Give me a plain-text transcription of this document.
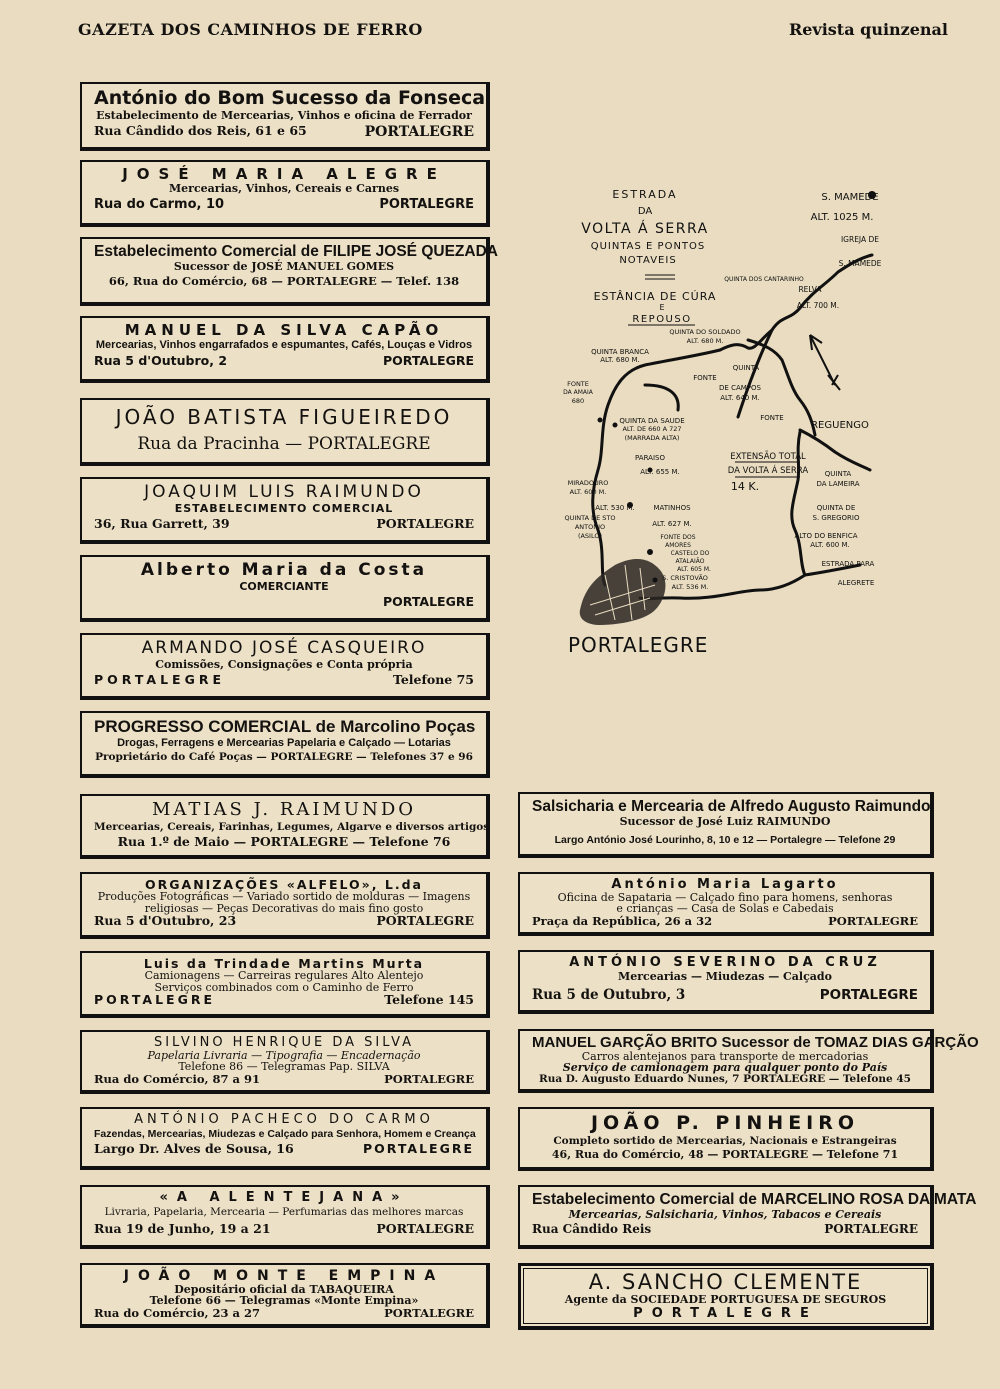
GAZETA DOS CAMINHOS DE FERRO	Revista quinzenal
António do Bom Sucesso da Fonseca
Estabelecimento de Mercearias, Vinhos e oficina de Ferrador
Rua Cândido dos Reis, 61 e 65	PORTALEGRE
JOSÉ MARIA ALEGRE
Mercearias, Vinhos, Cereais e Carnes
Rua do Carmo, 10	PORTALEGRE
Estabelecimento Comercial de FILIPE JOSÉ QUEZADA
Sucessor de JOSÉ MANUEL GOMES
66, Rua do Comércio, 68 — PORTALEGRE — Telef. 138
MANUEL DA SILVA CAPÃO
Mercearias, Vinhos engarrafados e espumantes, Cafés, Louças e Vidros
Rua 5 d'Outubro, 2	PORTALEGRE
JOÃO BATISTA FIGUEIREDO
Rua da Pracinha — PORTALEGRE
JOAQUIM LUIS RAIMUNDO
ESTABELECIMENTO COMERCIAL
36, Rua Garrett, 39	PORTALEGRE
Alberto Maria da Costa
COMERCIANTE
PORTALEGRE
ARMANDO JOSÉ CASQUEIRO
Comissões, Consignações e Conta própria
PORTALEGRE	Telefone 75
PROGRESSO COMERCIAL de Marcolino Poças
Drogas, Ferragens e Mercearias Papelaria e Calçado — Lotarias
Proprietário do Café Poças — PORTALEGRE — Telefones 37 e 96
MATIAS J. RAIMUNDO
Mercearias, Cereais, Farinhas, Legumes, Algarve e diversos artigos
Rua 1.º de Maio — PORTALEGRE — Telefone 76
ORGANIZAÇÕES «ALFELO», L.da
Produções Fotográficas — Variado sortido de molduras — Imagens
religiosas — Peças Decorativas do mais fino gosto
Rua 5 d'Outubro, 23	PORTALEGRE
Luis da Trindade Martins Murta
Camionagens — Carreiras regulares Alto Alentejo
Serviços combinados com o Caminho de Ferro
PORTALEGRE	Telefone 145
SILVINO HENRIQUE DA SILVA
Papelaria Livraria — Tipografia — Encadernação
Telefone 86 — Telegramas Pap. SILVA
Rua do Comércio, 87 a 91	PORTALEGRE
ANTÓNIO PACHECO DO CARMO
Fazendas, Mercearias, Miudezas e Calçado para Senhora, Homem e Creança
Largo Dr. Alves de Sousa, 16	PORTALEGRE
«A ALENTEJANA»
Livraria, Papelaria, Mercearia — Perfumarias das melhores marcas
Rua 19 de Junho, 19 a 21	PORTALEGRE
JOÃO MONTE EMPINA
Depositário oficial da TABAQUEIRA
Telefone 66 — Telegramas «Monte Empina»
Rua do Comércio, 23 a 27	PORTALEGRE
Salsicharia e Mercearia de Alfredo Augusto Raimundo
Sucessor de José Luiz RAIMUNDO
Largo António José Lourinho, 8, 10 e 12 — Portalegre — Telefone 29
António Maria Lagarto
Oficina de Sapataria — Calçado fino para homens, senhoras
e crianças — Casa de Solas e Cabedais
Praça da República, 26 a 32	PORTALEGRE
ANTÓNIO SEVERINO DA CRUZ
Mercearias — Miudezas — Calçado
Rua 5 de Outubro, 3	PORTALEGRE
MANUEL GARÇÃO BRITO Sucessor de TOMAZ DIAS GARÇÃO
Carros alentejanos para transporte de mercadorias
Serviço de camionagem para qualquer ponto do País
Rua D. Augusto Eduardo Nunes, 7 PORTALEGRE — Telefone 45
JOÃO P. PINHEIRO
Completo sortido de Mercearias, Nacionais e Estrangeiras
46, Rua do Comércio, 48 — PORTALEGRE — Telefone 71
Estabelecimento Comercial de MARCELINO ROSA DA MATA
Mercearias, Salsicharia, Vinhos, Tabacos e Cereais
Rua Cândido Reis	PORTALEGRE
A. SANCHO CLEMENTE
Agente da SOCIEDADE PORTUGUESA DE SEGUROS
PORTALEGRE
ESTRADA
DA
VOLTA Á SERRA
QUINTAS E PONTOS
NOTAVEIS
ESTÂNCIA DE CÚRA
E
REPOUSO
S. MAMEDE
ALT. 1025 M.
IGREJA DE
S. MAMEDE
QUINTA DOS CANTARINHO
RELVA
ALT. 700 M.
QUINTA DO SOLDADO
ALT. 680 M.
QUINTA BRANCA
ALT. 680 M.
FONTE
DA AMAIA
680
QUINTA
FONTE
DE CAMPOS
ALT. 640 M.
QUINTA DA SAUDE
ALT. DE 660 A 727
(MARRADA ALTA)
FONTE
REGUENGO
PARAISO
ALT. 655 M.
EXTENSÃO TOTAL
DA VOLTA Á SERRA
14 K.
MIRADOURO
ALT. 600 M.
ALT. 530 M.	MATINHOS
ALT. 627 M.
QUINTA DE STO
ANTONIO
(ASILO)	FONTE DOS
AMORES
CASTELO DO
ATALAIÃO
ALT. 605 M.
S. CRISTOVÃO
ALT. 536 M.
QUINTA
DA LAMEIRA
QUINTA DE
S. GREGORIO
ALTO DO BENFICA
ALT. 600 M.
ESTRADA PARA
ALEGRETE
PORTALEGRE
